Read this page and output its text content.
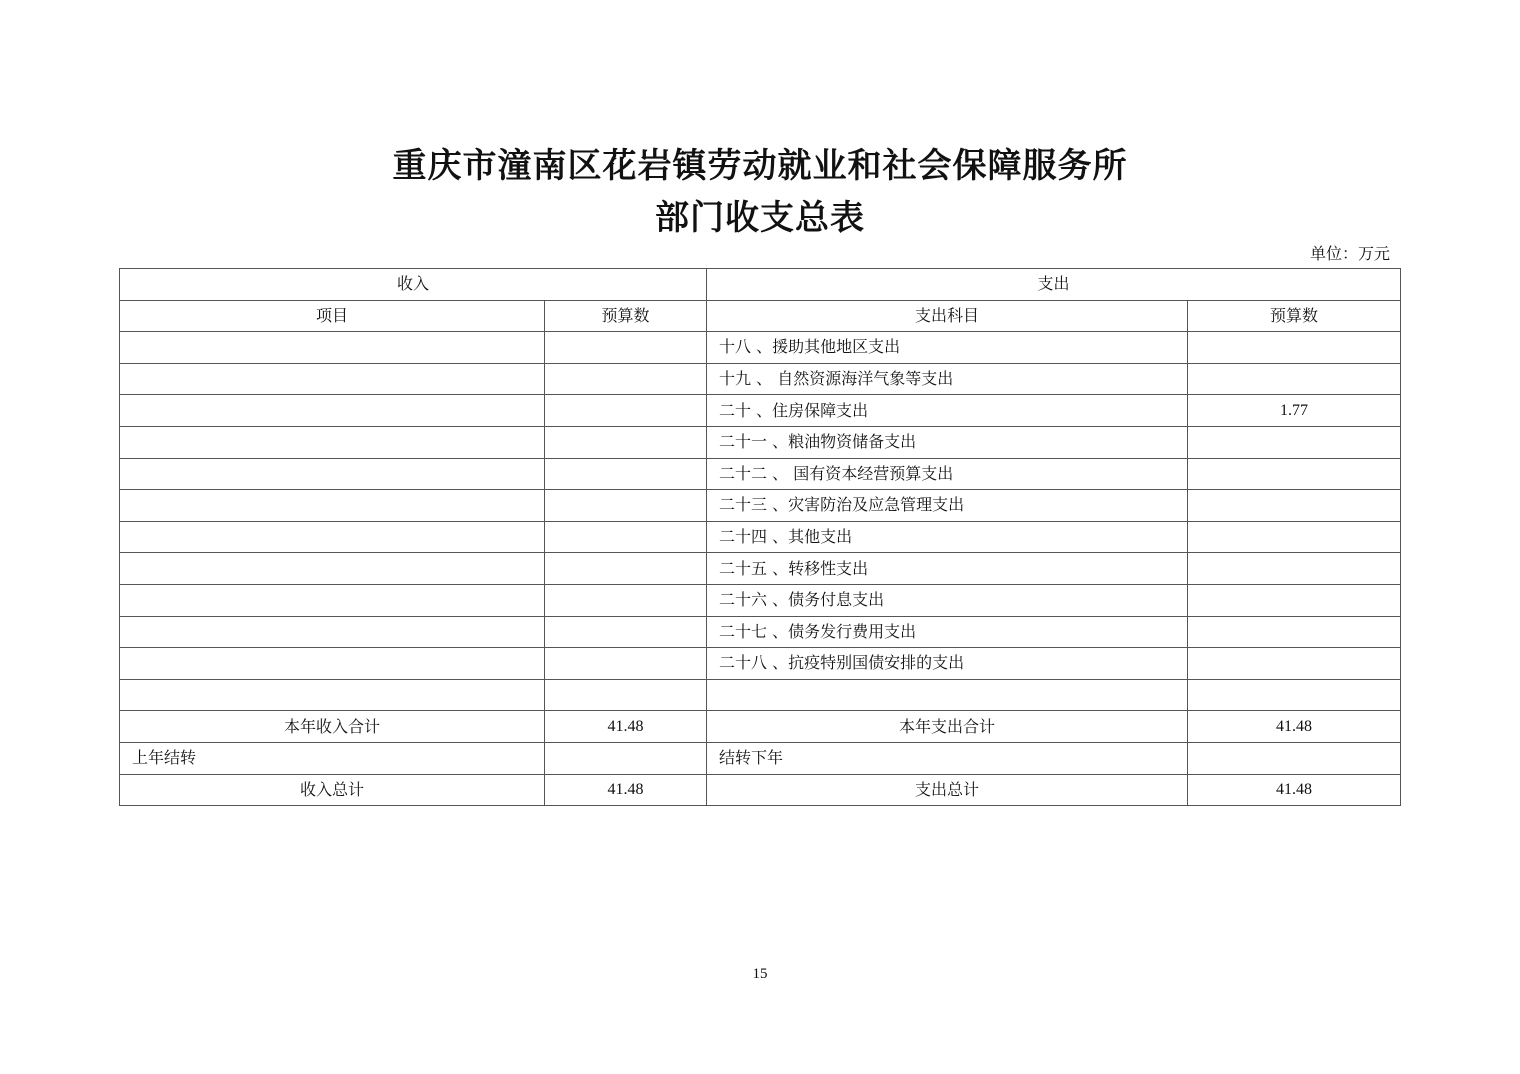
重庆市潼南区花岩镇劳动就业和社会保障服务所
部门收支总表
单位：万元
收入		支出	
项目	预算数	支出科目	预算数
		十八 、援助其他地区支出	
		十九 、 自然资源海洋气象等支出	
		二十 、住房保障支出	1.77
		二十一 、粮油物资储备支出	
		二十二 、 国有资本经营预算支出	
		二十三 、灾害防治及应急管理支出	
		二十四 、其他支出	
		二十五 、转移性支出	
		二十六 、债务付息支出	
		二十七 、债务发行费用支出	
		二十八 、抗疫特别国债安排的支出	

本年收入合计	41.48	本年支出合计	41.48
上年结转		结转下年	
收入总计	41.48	支出总计	41.48
15
